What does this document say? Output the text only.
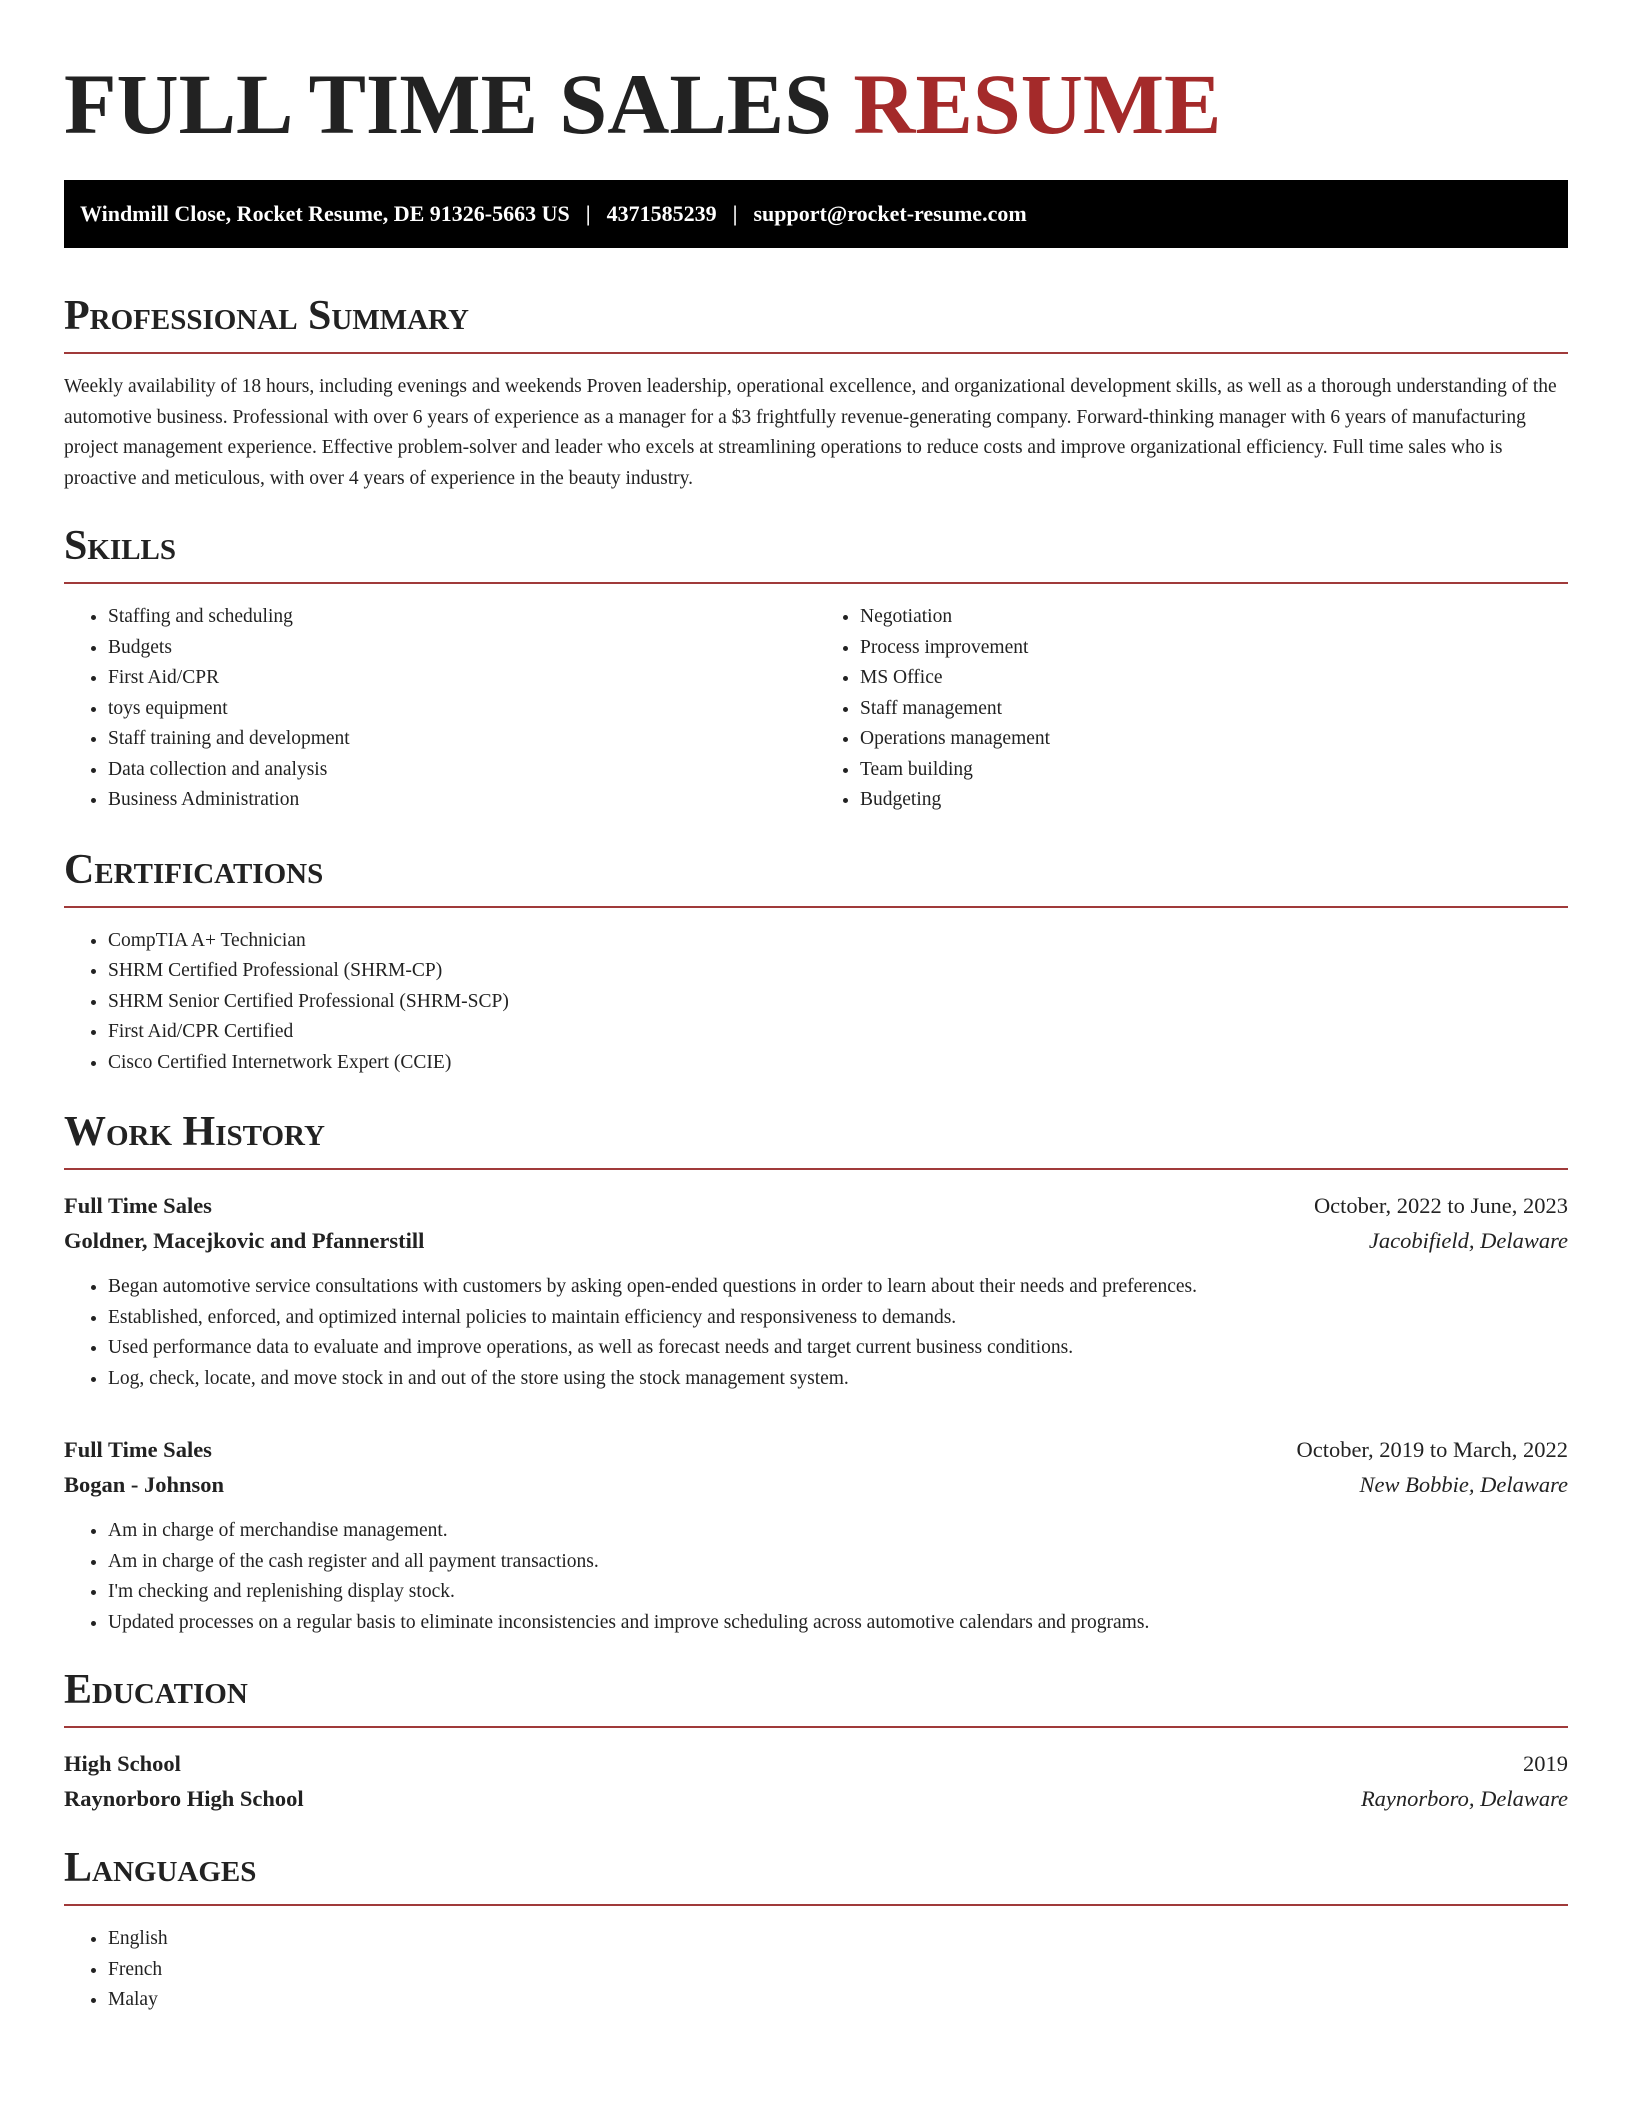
FULL TIME SALES RESUME
Windmill Close, Rocket Resume, DE 91326-5663 US | 4371585239 | support@rocket-resume.com
Professional Summary

Weekly availability of 18 hours, including evenings and weekends Proven leadership, operational excellence, and organizational development skills, as well as a thorough understanding of the automotive business. Professional with over 6 years of experience as a manager for a $3 frightfully revenue-generating company. Forward-thinking manager with 6 years of manufacturing project management experience. Effective problem-solver and leader who excels at streamlining operations to reduce costs and improve organizational efficiency. Full time sales who is proactive and meticulous, with over 4 years of experience in the beauty industry.

Skills
• Staffing and scheduling
• Budgets
• First Aid/CPR
• toys equipment
• Staff training and development
• Data collection and analysis
• Business Administration
• Negotiation
• Process improvement
• MS Office
• Staff management
• Operations management
• Team building
• Budgeting
Certifications
• CompTIA A+ Technician
• SHRM Certified Professional (SHRM-CP)
• SHRM Senior Certified Professional (SHRM-SCP)
• First Aid/CPR Certified
• Cisco Certified Internetwork Expert (CCIE)
Work History
Full Time Sales	October, 2022 to June, 2023
Goldner, Macejkovic and Pfannerstill	Jacobifield, Delaware
• Began automotive service consultations with customers by asking open-ended questions in order to learn about their needs and preferences.
• Established, enforced, and optimized internal policies to maintain efficiency and responsiveness to demands.
• Used performance data to evaluate and improve operations, as well as forecast needs and target current business conditions.
• Log, check, locate, and move stock in and out of the store using the stock management system.
Full Time Sales	October, 2019 to March, 2022
Bogan - Johnson	New Bobbie, Delaware
• Am in charge of merchandise management.
• Am in charge of the cash register and all payment transactions.
• I'm checking and replenishing display stock.
• Updated processes on a regular basis to eliminate inconsistencies and improve scheduling across automotive calendars and programs.
Education
High School	2019
Raynorboro High School	Raynorboro, Delaware
Languages
• English
• French
• Malay
